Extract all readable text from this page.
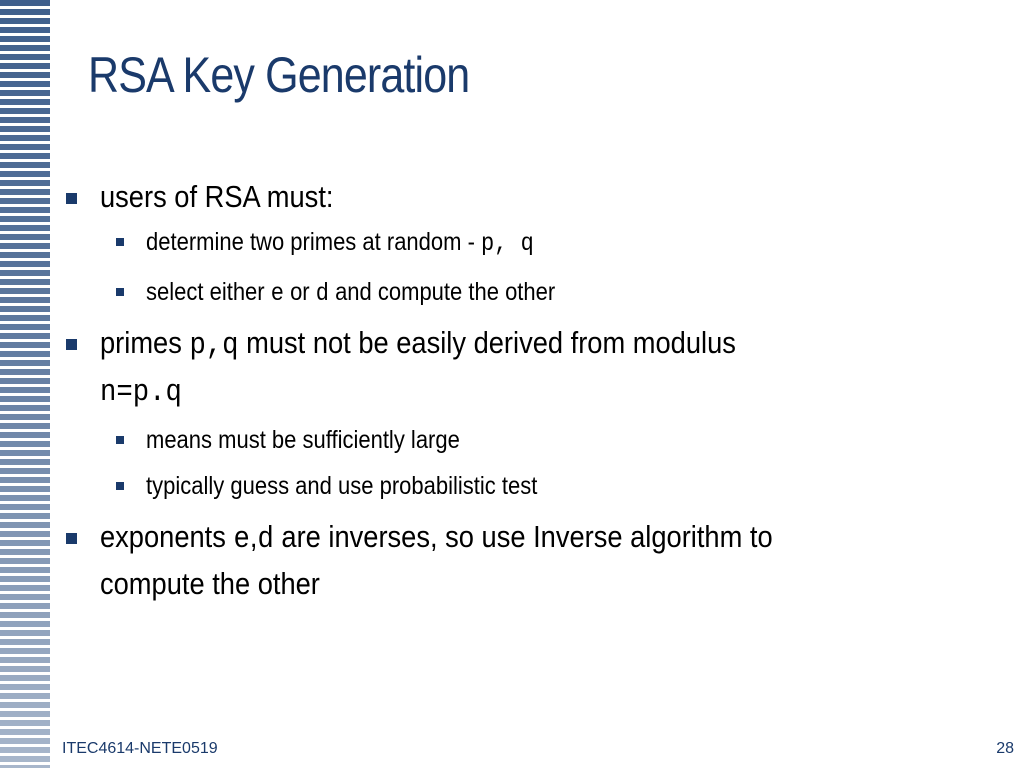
RSA Key Generation
users of RSA must:
determine two primes at random - p, q
select either e or d and compute the other
primes p,q must not be easily derived from modulus
n=p.q
means must be sufficiently large
typically guess and use probabilistic test
exponents e,d are inverses, so use Inverse algorithm to
compute the other
ITEC4614-NETE0519	28
